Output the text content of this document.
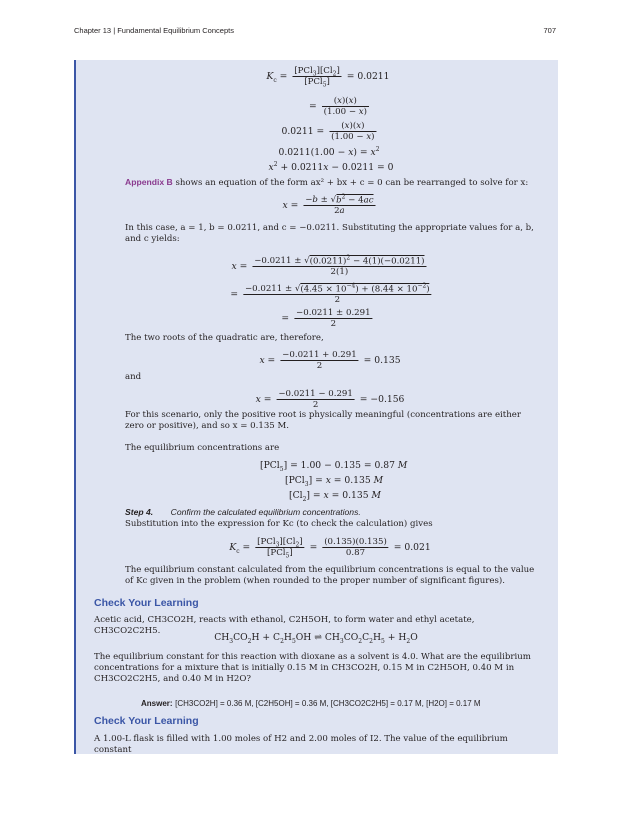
Chapter 13 | Fundamental Equilibrium Concepts	707
$K_c = \frac{[PCl_3][Cl_2]}{[PCl_5]} = 0.0211$
= $\frac{(x)(x)}{(1.00 - x)}$
$0.0211 = \frac{(x)(x)}{(1.00 - x)}$
$0.0211(1.00 - x) = x^2$
$x^2 + 0.0211x - 0.0211 = 0$
Appendix B shows an equation of the form ax² + bx + c = 0 can be rearranged to solve for x:
$x = \frac{-b \pm √b^2 - 4ac}{2a}$
In this case, a = 1, b = 0.0211, and c = −0.0211. Substituting the appropriate values for a, b, and c yields:
$x = \frac{-0.0211 \pm √(0.0211)^2 - 4(1)(-0.0211)}{2(1)}$
= $\frac{-0.0211 \pm √(4.45 \times 10^{-4}) + (8.44 \times 10^{-2})}{2}$
= $\frac{-0.0211 \pm 0.291}{2}$
The two roots of the quadratic are, therefore,
$x = \frac{-0.0211 + 0.291}{2} = 0.135$
and
$x = \frac{-0.0211 - 0.291}{2} = -0.156$
For this scenario, only the positive root is physically meaningful (concentrations are either zero or positive), and so x = 0.135 M.
The equilibrium concentrations are
[PCl$_5$] = 1.00 − 0.135 = 0.87 M
[PCl$_3$] = x = 0.135 M
$[Cl_2] = x = 0.135$ M
Step 4. Confirm the calculated equilibrium concentrations.
Substitution into the expression for Kc (to check the calculation) gives
$K_c = \frac{[PCl_3][Cl_2]}{[PCl_5]} = \frac{(0.135)(0.135)}{0.87} = 0.021$
The equilibrium constant calculated from the equilibrium concentrations is equal to the value of Kc given in the problem (when rounded to the proper number of significant figures).
Check Your Learning
Acetic acid, CH3CO2H, reacts with ethanol, C2H5OH, to form water and ethyl acetate, CH3CO2C2H5.
$CH_3CO_2H + C_2H_5OH$ ⇌ $CH_3CO_2C_2H_5 + H_2O$
The equilibrium constant for this reaction with dioxane as a solvent is 4.0. What are the equilibrium concentrations for a mixture that is initially 0.15 M in CH3CO2H, 0.15 M in C2H5OH, 0.40 M in CH3CO2C2H5, and 0.40 M in H2O?
Answer: [CH3CO2H] = 0.36 M, [C2H5OH] = 0.36 M, [CH3CO2C2H5] = 0.17 M, [H2O] = 0.17 M
Check Your Learning
A 1.00-L flask is filled with 1.00 moles of H2 and 2.00 moles of I2. The value of the equilibrium constant
